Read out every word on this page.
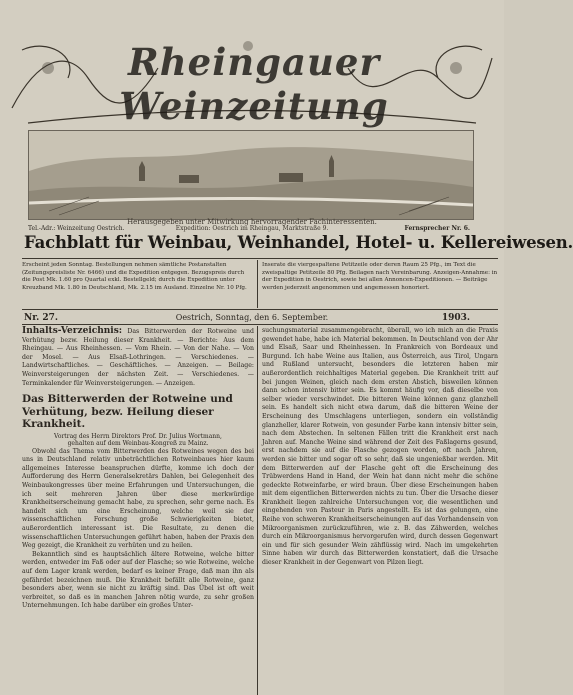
Rheingauer Weinzeitung
Herausgegeben unter Mitwirkung hervorragender Fachinteressenten.
Tel.-Adr.: Weinzeitung Oestrich.	Expedition: Oestrich im Rheingau, Marktstraße 9.	Fernsprecher Nr. 6.
Fachblatt für Weinbau, Weinhandel, Hotel- u. Kellereiwesen.
Erscheint jeden Sonntag. Bestellungen nehmen sämtliche Postanstalten (Zeitungspreisliste Nr. 6466) und die Expedition entgegen. Bezugspreis durch die Post Mk. 1.60 pro Quartal exkl. Bestellgeld; durch die Expedition unter Kreuzband Mk. 1.80 in Deutschland, Mk. 2.15 im Ausland. Einzelne Nr. 10 Pfg.
Inserate die viergespaltene Petitzeile oder deren Raum 25 Pfg., im Text die zweispaltige Petitzeile 80 Pfg. Beilagen nach Vereinbarung. Anzeigen-Annahme: in der Expedition in Oestrich, sowie bei allen Annoncen-Expeditionen. — Beiträge werden jederzeit angenommen und angemessen honoriert.
Nr. 27.	Oestrich, Sonntag, den 6. September.	1903.

Inhalts-Verzeichnis: Das Bitterwerden der Rotweine und Verhütung bezw. Heilung dieser Krankheit. — Berichte: Aus dem Rheingau. — Aus Rheinhessen. — Vom Rhein. — Von der Nahe. — Von der Mosel. — Aus Elsaß-Lothringen. — Verschiedenes. — Landwirtschaftliches. — Geschäftliches. — Anzeigen. — Beilage: Weinversteigerungen der nächsten Zeit. — Verschiedenes. — Terminkalender für Weinversteigerungen. — Anzeigen.

Das Bitterwerden der Rotweine und Verhütung, bezw. Heilung dieser Krankheit.
Vortrag des Herrn Direktors Prof. Dr. Julius Wortmann,
gehalten auf dem Weinbau-Kongreß zu Mainz.

Obwohl das Thema vom Bitterwerden des Rotweines wegen des bei uns in Deutschland relativ unbeträchtlichen Rotweinbaues hier kaum allgemeines Interesse beanspruchen dürfte, komme ich doch der Aufforderung des Herrn Generalsekretärs Dahlen, bei Gelegenheit des Weinbaukongresses über meine Erfahrungen und Untersuchungen, die ich seit mehreren Jahren über diese merkwürdige Krankheitserscheinung gemacht habe, zu sprechen, sehr gerne nach. Es handelt sich um eine Erscheinung, welche weil sie der wissenschaftlichen Forschung große Schwierigkeiten bietet, außerordentlich interessant ist. Die Resultate, zu denen die wissenschaftlichen Untersuchungen geführt haben, haben der Praxis den Weg gezeigt, die Krankheit zu verhüten und zu heilen.

Bekanntlich sind es hauptsächlich ältere Rotweine, welche bitter werden, entweder im Faß oder auf der Flasche; so wie Rotweine, welche auf dem Lager krank werden, bedarf es keiner Frage, daß man ihn als gefährdet bezeichnen muß. Die Krankheit befällt alle Rotweine, ganz besonders aber, wenn sie nicht zu kräftig sind. Das Übel ist oft weit verbreitet, so daß es in manchen Jahren nötig wurde, zu sehr großen Unternehmungen. Ich habe darüber ein großes Unter-

suchungsmaterial zusammengebracht, überall, wo ich mich an die Praxis gewendet habe, habe ich Material bekommen. In Deutschland von der Ahr und Elsaß, Saar und Rheinhessen. In Frankreich von Bordeaux und Burgund. Ich habe Weine aus Italien, aus Österreich, aus Tirol, Ungarn und Rußland untersucht, besonders die letzteren haben mir außerordentlich reichhaltiges Material gegeben. Die Krankheit tritt auf bei jungen Weinen, gleich nach dem ersten Abstich, bisweilen können dann schon intensiv bitter sein. Es kommt häufig vor, daß dieselbe von selber wieder verschwindet. Die bitteren Weine können ganz glanzhell sein. Es handelt sich nicht etwa darum, daß die bitteren Weine der Erscheinung des Umschlagens unterliegen, sondern ein vollständig glanzheller, klarer Rotwein, von gesunder Farbe kann intensiv bitter sein, nach dem Abstechen. In seltenen Fällen tritt die Krankheit erst nach Jahren auf. Manche Weine sind während der Zeit des Faßlagerns gesund, erst nachdem sie auf die Flasche gezogen worden, oft nach Jahren, werden sie bitter und sogar oft so sehr, daß sie ungenießbar werden. Mit dem Bitterwerden auf der Flasche geht oft die Erscheinung des Trübwerdens Hand in Hand, der Wein hat dann nicht mehr die schöne gedeckte Rotweinfarbe, er wird braun. Über diese Erscheinungen haben mit dem eigentlichen Bitterwerden nichts zu tun. Über die Ursache dieser Krankheit liegen zahlreiche Untersuchungen vor, die wesentlichen und eingehenden von Pasteur in Paris angestellt. Es ist das gelungen, eine Reihe von schweren Krankheitserscheinungen auf das Vorhandensein von Mikroorganismen zurückzuführen, wie z. B. das Zähwerden, welches durch ein Mikroorganismus hervorgerufen wird, durch dessen Gegenwart ein und für sich gesunder Wein zähflüssig wird. Nach im umgekehrten Sinne haben wir durch das Bitterwerden konstatiert, daß die Ursache dieser Krankheit in der Gegenwart von Pilzen liegt.
